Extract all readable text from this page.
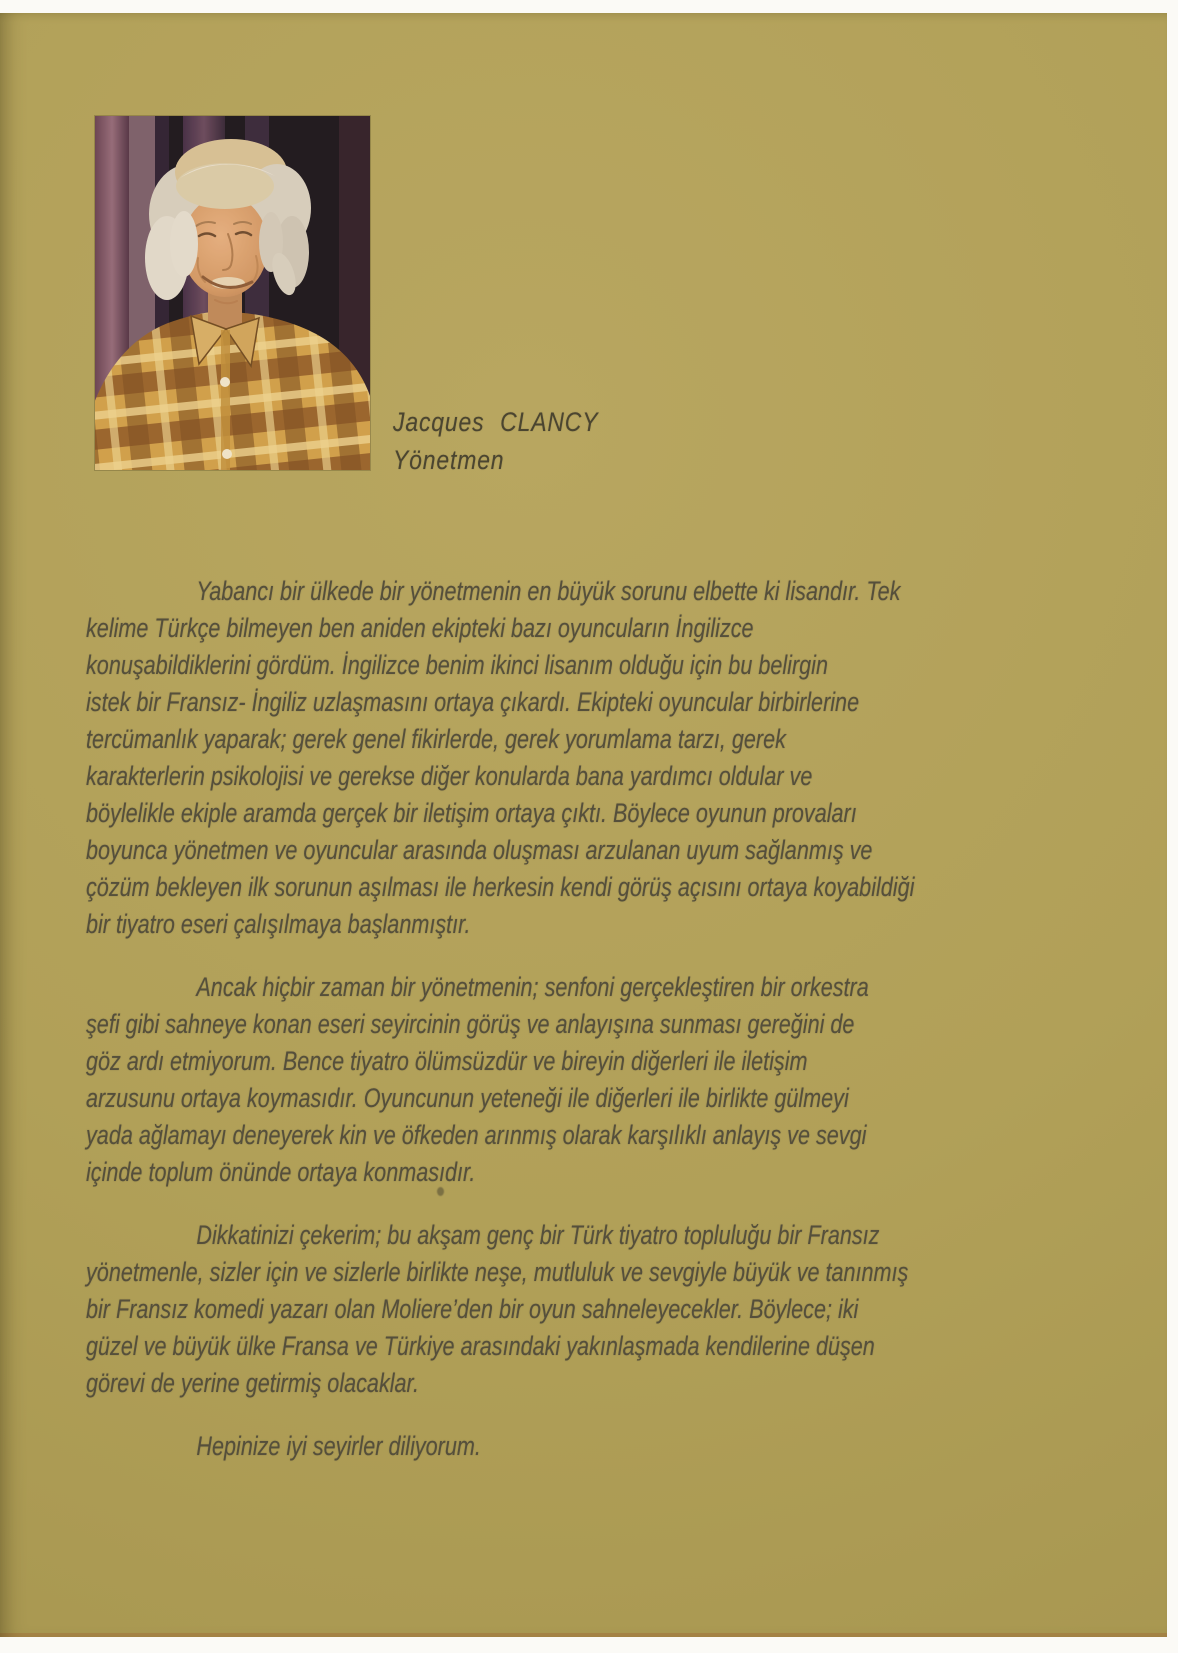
Jacques CLANCY
Yönetmen
Yabancı bir ülkede bir yönetmenin en büyük sorunu elbette ki lisandır. Tek
kelime Türkçe bilmeyen ben aniden ekipteki bazı oyuncuların İngilizce
konuşabildiklerini gördüm. İngilizce benim ikinci lisanım olduğu için bu belirgin
istek bir Fransız- İngiliz uzlaşmasını ortaya çıkardı. Ekipteki oyuncular birbirlerine
tercümanlık yaparak; gerek genel fikirlerde, gerek yorumlama tarzı, gerek
karakterlerin psikolojisi ve gerekse diğer konularda bana yardımcı oldular ve
böylelikle ekiple aramda gerçek bir iletişim ortaya çıktı. Böylece oyunun provaları
boyunca yönetmen ve oyuncular arasında oluşması arzulanan uyum sağlanmış ve
çözüm bekleyen ilk sorunun aşılması ile herkesin kendi görüş açısını ortaya koyabildiği
bir tiyatro eseri çalışılmaya başlanmıştır.
Ancak hiçbir zaman bir yönetmenin; senfoni gerçekleştiren bir orkestra
şefi gibi sahneye konan eseri seyircinin görüş ve anlayışına sunması gereğini de
göz ardı etmiyorum. Bence tiyatro ölümsüzdür ve bireyin diğerleri ile iletişim
arzusunu ortaya koymasıdır. Oyuncunun yeteneği ile diğerleri ile birlikte gülmeyi
yada ağlamayı deneyerek kin ve öfkeden arınmış olarak karşılıklı anlayış ve sevgi
içinde toplum önünde ortaya konmasıdır.
Dikkatinizi çekerim; bu akşam genç bir Türk tiyatro topluluğu bir Fransız
yönetmenle, sizler için ve sizlerle birlikte neşe, mutluluk ve sevgiyle büyük ve tanınmış
bir Fransız komedi yazarı olan Moliere’den bir oyun sahneleyecekler. Böylece; iki
güzel ve büyük ülke Fransa ve Türkiye arasındaki yakınlaşmada kendilerine düşen
görevi de yerine getirmiş olacaklar.
Hepinize iyi seyirler diliyorum.
